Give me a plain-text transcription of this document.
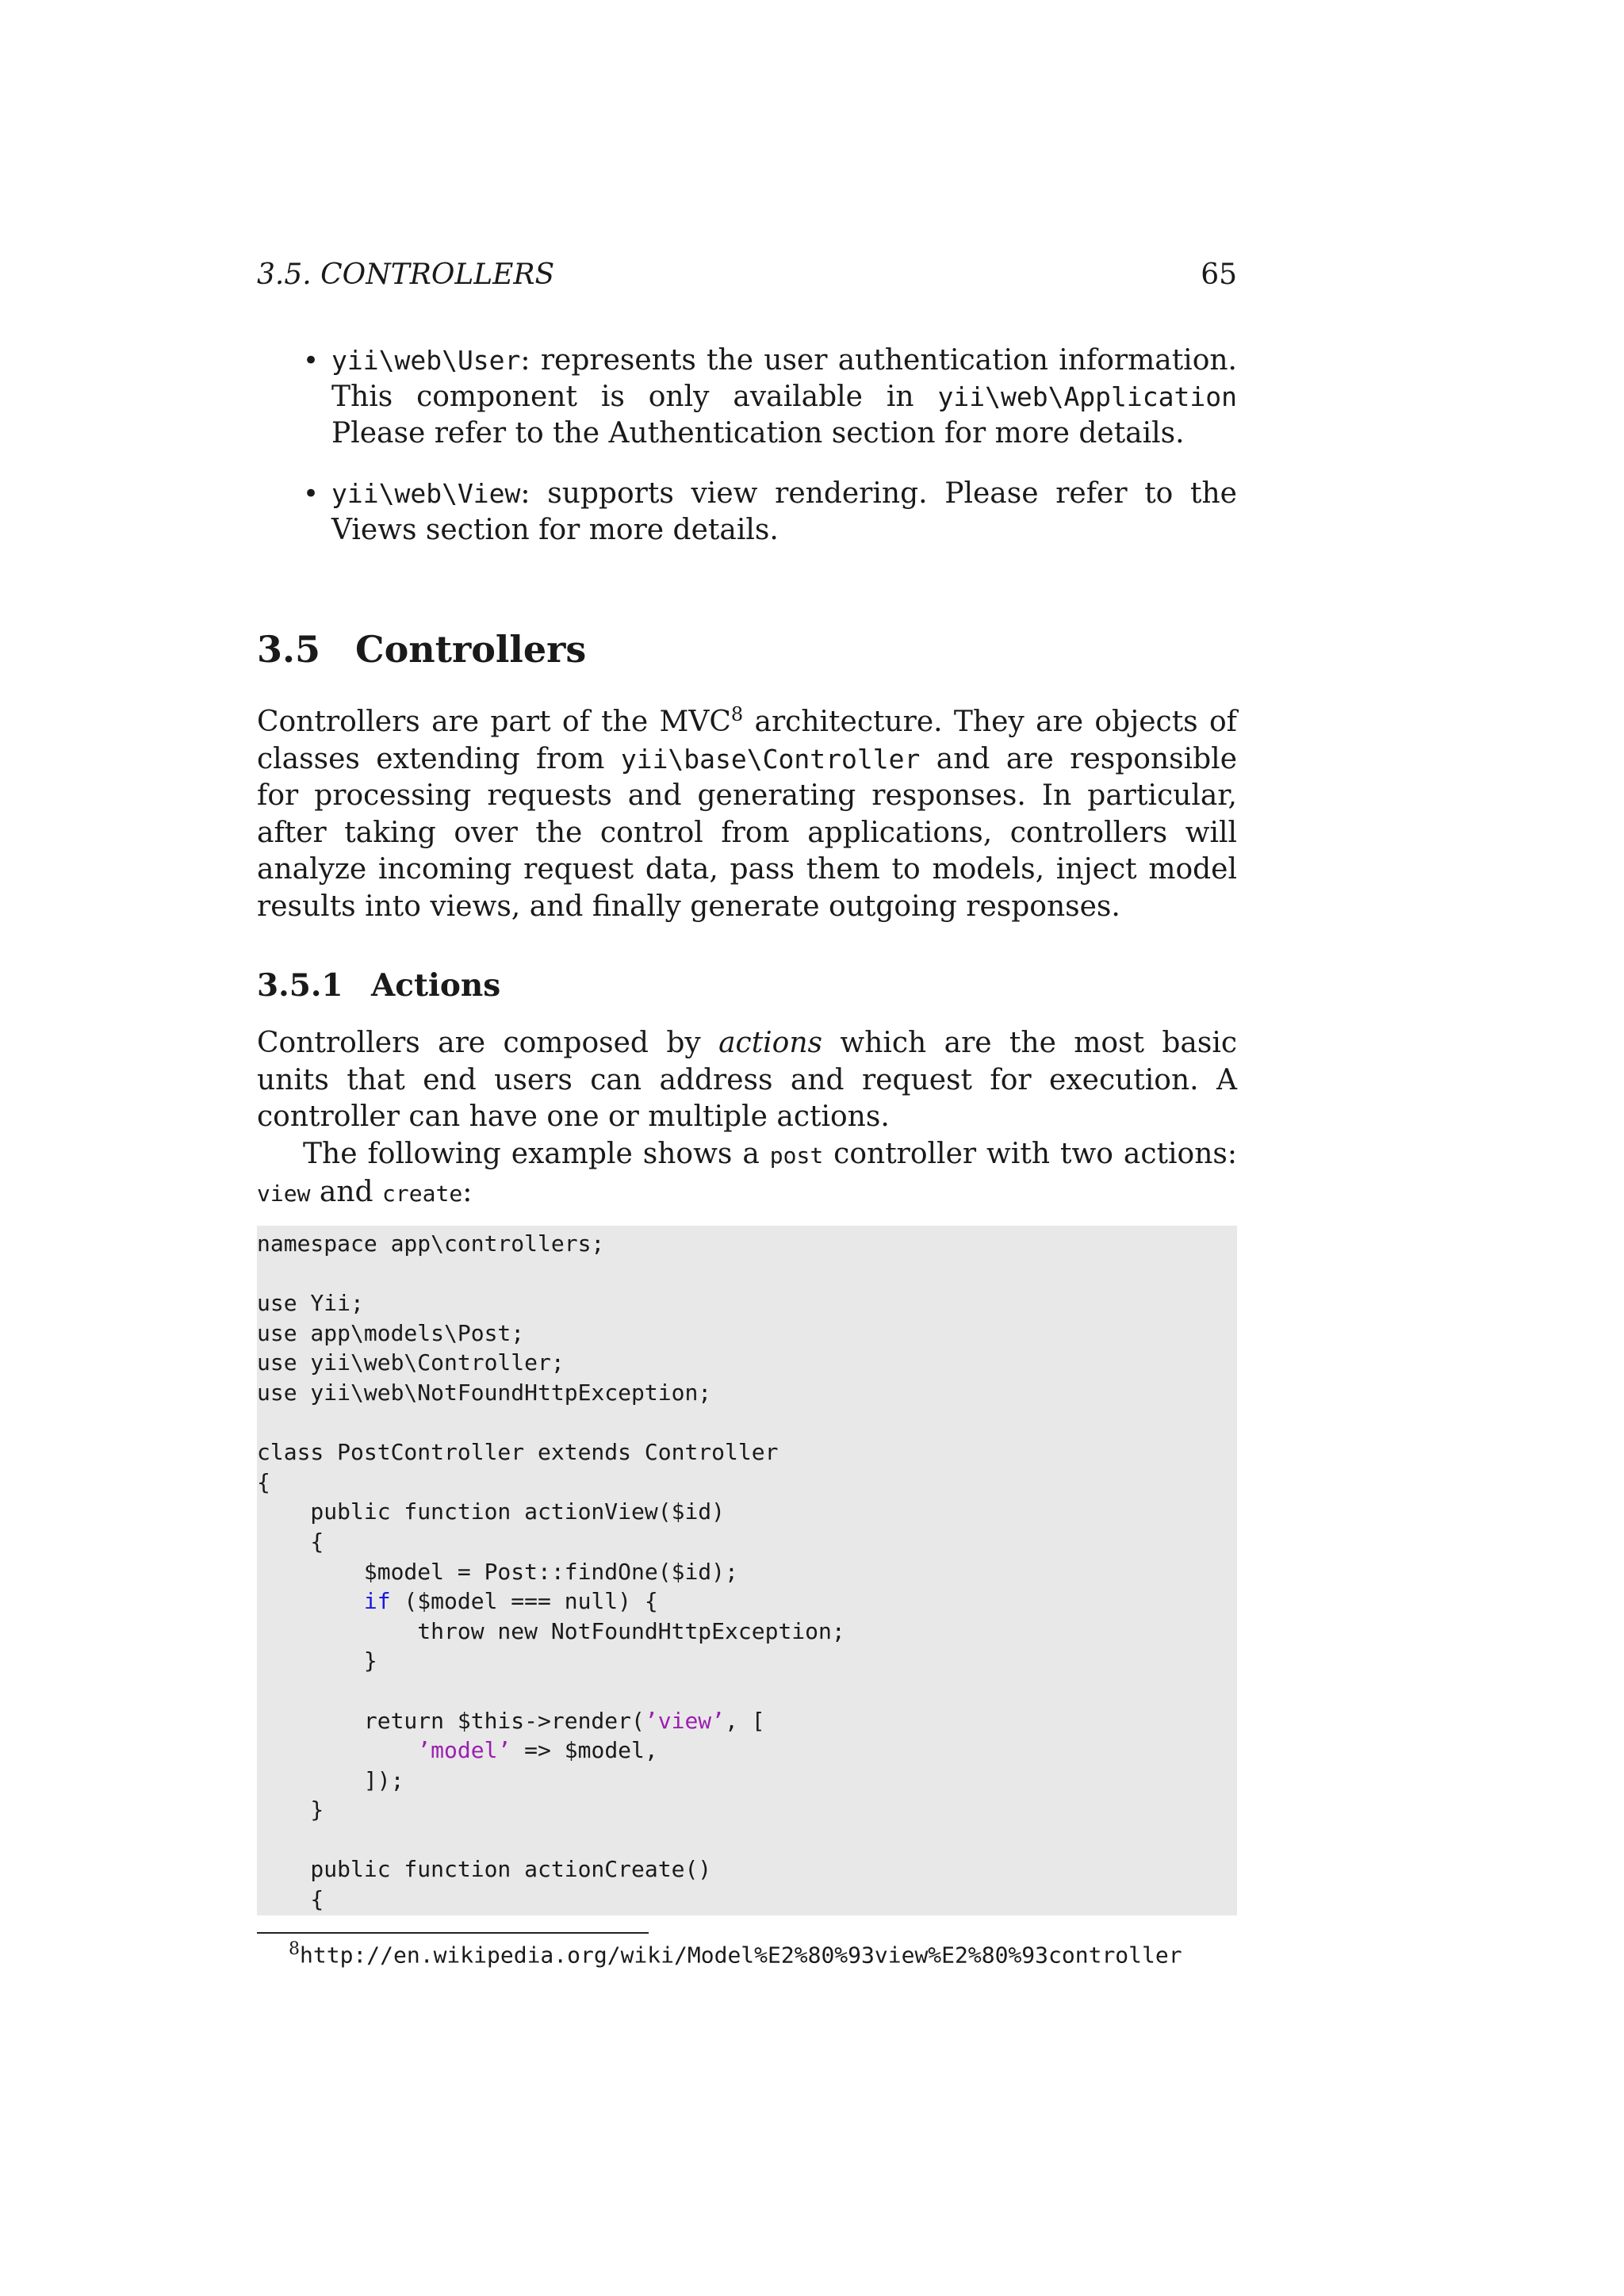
3.5. CONTROLLERS	65
• yii\web\User: represents the user authentication information. This component is only available in yii\web\Application Please refer to the Authentication section for more details.
• yii\web\View: supports view rendering. Please refer to the Views section for more details.
3.5 Controllers
Controllers are part of the MVC$^8$ architecture. They are objects of classes extending from yii\base\Controller and are responsible for processing requests and generating responses. In particular, after taking over the control from applications, controllers will analyze incoming request data, pass them to models, inject model results into views, and finally generate outgoing responses.
3.5.1 Actions
Controllers are composed by actions which are the most basic units that end users can address and request for execution. A controller can have one or multiple actions.
The following example shows a post controller with two actions: view and create:
namespace app\controllers;
use Yii;
use app\models\Post;
use yii\web\Controller;
use yii\web\NotFoundHttpException;
class PostController extends Controller
{
public function actionView($id)
{
$model = Post::findOne($id);
if ($model === null) {
throw new NotFoundHttpException;
}
return $this->render(’view’, [
’model’ => $model,
]);
}
public function actionCreate()
{
$^8$http://en.wikipedia.org/wiki/Model%E2%80%93view%E2%80%93controller
